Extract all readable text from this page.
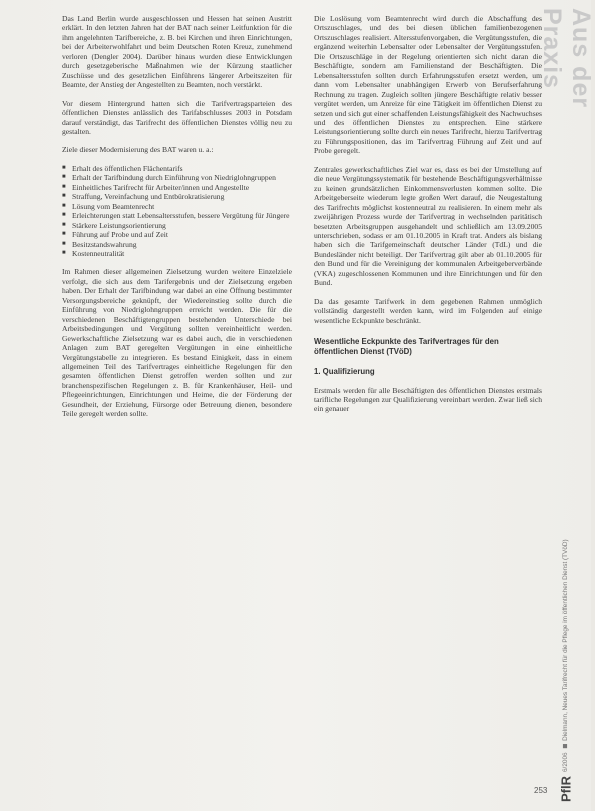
Das Land Berlin wurde ausgeschlossen und Hessen hat seinen Austritt erklärt. In den letzten Jahren hat der BAT nach seiner Leitfunktion für die ihm angelehnten Tarifbereiche, z. B. bei Kirchen und ihren Einrichtungen, bei der Arbeiterwohlfahrt und beim Deutschen Roten Kreuz, zunehmend verloren (Dengler 2004). Darüber hinaus wurden diese Entwicklungen durch gesetzgeberische Maßnahmen wie der Kürzung staatlicher Zuschüsse und des gesetzlichen Einführens längerer Arbeitszeiten für Beamte, der Anstieg der Angestellten zu Beamten, noch verstärkt.

Vor diesem Hintergrund hatten sich die Tarifvertragsparteien des öffentlichen Dienstes anlässlich des Tarifabschlusses 2003 in Potsdam darauf verständigt, das Tarifrecht des öffentlichen Dienstes völlig neu zu gestalten.

Ziele dieser Modernisierung des BAT waren u. a.:

■ Erhalt des öffentlichen Flächentarifs
■ Erhalt der Tarifbindung durch Einführung von Niedriglohngruppen
■ Einheitliches Tarifrecht für Arbeiter/innen und Angestellte
■ Straffung, Vereinfachung und Entbürokratisierung
■ Lösung vom Beamtenrecht
■ Erleichterungen statt Lebensaltersstufen, bessere Vergütung für Jüngere
■ Stärkere Leistungsorientierung
■ Führung auf Probe und auf Zeit
■ Besitzstandswahrung
■ Kostenneutralität

Im Rahmen dieser allgemeinen Zielsetzung wurden weitere Einzelziele verfolgt, die sich aus dem Tarifergebnis und der Zielsetzung ergeben haben. Der Erhalt der Tarifbindung war dabei an eine Öffnung bestimmter Versorgungsbereiche geknüpft, der Wiedereinstieg sollte durch die Einführung von Niedriglohngruppen erreicht werden. Die für die verschiedenen Beschäftigtengruppen bestehenden Unterschiede bei Arbeitsbedingungen und Vergütung sollten vereinheitlicht werden. Gewerkschaftliche Zielsetzung war es dabei auch, die in verschiedenen Anlagen zum BAT geregelten Vergütungen in eine einheitliche Vergütungstabelle zu integrieren. Es bestand Einigkeit, dass in einem allgemeinen Teil des Tarifvertrages einheitliche Regelungen für den gesamten öffentlichen Dienst getroffen werden sollten und zur branchenspezifischen Regelungen z. B. für Krankenhäuser, Heil- und Pflegeeinrichtungen, Einrichtungen und Heime, die der Förderung der Gesundheit, der Erziehung, Fürsorge oder Betreuung dienen, besondere Teile geregelt werden sollte.

Die Loslösung vom Beamtenrecht wird durch die Abschaffung des Ortszuschlages, und des bei diesen üblichen familienbezogenen Ortszuschlages realisiert. Altersstufenvorgaben, die Vergütungsstufen, die ergänzend weiterhin Lebensalter oder Lebensalter der Vergütungsstufen. Die Ortszuschläge in der Regelung orientierten sich nicht daran die Beschäftigte, sondern am Familienstand der Beschäftigten. Die Lebensaltersstufen sollten durch Erfahrungsstufen ersetzt werden, um dann vom Lebensalter unabhängigen Erwerb von Berufserfahrung Rechnung zu tragen. Zugleich sollten jüngere Beschäftigte relativ besser vergütet werden, um Anreize für eine Tätigkeit im öffentlichen Dienst zu setzen und sich gut einer schaffenden Leistungsfähigkeit des Nachwuchses und des öffentlichen Dienstes zu entsprechen. Eine stärkere Leistungsorientierung sollte durch ein neues Tarifrecht, hierzu Tarifvertrag zu Führungspositionen, das im Tarifvertrag Führung auf Zeit und auf Probe geregelt.

Zentrales gewerkschaftliches Ziel war es, dass es bei der Umstellung auf die neue Vergütungssystematik für bestehende Beschäftigungsverhältnisse zu keinen grundsätzlichen Einkommensverlusten kommen sollte. Die Arbeitgeberseite wiederum legte großen Wert darauf, die Neugestaltung des Tarifrechts möglichst kostenneutral zu realisieren. In einem mehr als zweijährigen Prozess wurde der Tarifvertrag in wechselnden paritätisch besetzten Arbeitsgruppen ausgehandelt und schließlich am 13.09.2005 unterschrieben, sodass er am 01.10.2005 in Kraft trat. Anders als bislang haben sich die Tarifgemeinschaft deutscher Länder (TdL) und die Bundesländer nicht beteiligt. Der Tarifvertrag gilt aber ab 01.10.2005 für den Bund und für die Vereinigung der kommunalen Arbeitgeberverbände (VKA) zugeschlossenen Kommunen und ihre Einrichtungen und für den Bund.

Da das gesamte Tarifwerk in dem gegebenen Rahmen unmöglich vollständig dargestellt werden kann, wird im Folgenden auf einige wesentliche Eckpunkte beschränkt.

Wesentliche Eckpunkte des Tarifvertrages für den öffentlichen Dienst (TVöD)
1. Qualifizierung

Erstmals werden für alle Beschäftigten des öffentlichen Dienstes erstmals tarifliche Regelungen zur Qualifizierung vereinbart werden. Zwar ließ sich ein genauer

Aus der Praxis
PflR
6/2006 ◼ Dielmann, Neues Tarifrecht für die Pflege im öffentlichen Dienst (TVöD)
253
